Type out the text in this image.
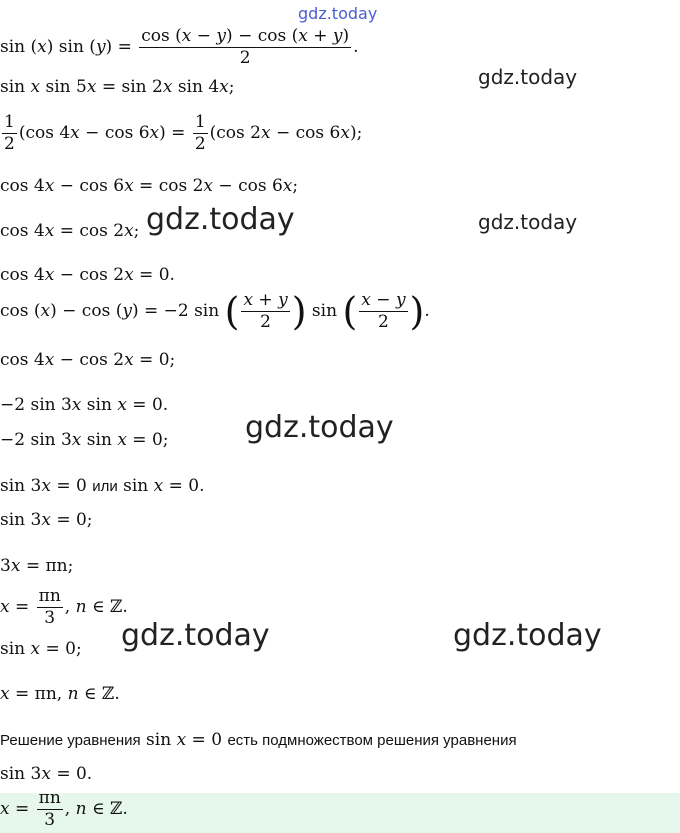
gdz.today
gdz.today
gdz.today	gdz.today
gdz.today
gdz.today	gdz.today
sin (x) $\sin (y) = \frac{\cos (x - y) - \cos (x + y)}{2}$ .
sin x sin 5x = sin 2x sin 4x;
$\frac{1}{2} (\cos$ $4x - \cos 6x) = \frac{1}{2} (\cos$ 2x − cos 6x);
cos 4x − cos 6x = cos 2x − cos 6x;
cos 4x = cos 2x;
cos 4x − cos 2x = 0.
cos (x) − cos (y) = −2 sin ( $\frac{x + y}{2}$ ) sin ( $\frac{x - y}{2}$ ).
cos 4x − cos 2x = 0;
−2 sin 3x sin x = 0.
−2 sin 3x sin x = 0;
sin 3x = 0 или sin x = 0.
sin 3x = 0;
3x = πn;
$x = \frac{\pi n}{3}$ , n ∈ ℤ.
sin x = 0;
x = πn, n ∈ ℤ.
Решение уравнения sin x = 0 есть подмножеством решения уравнения
sin 3x = 0.
$x = \frac{\pi n}{3}$ , n ∈ ℤ.
